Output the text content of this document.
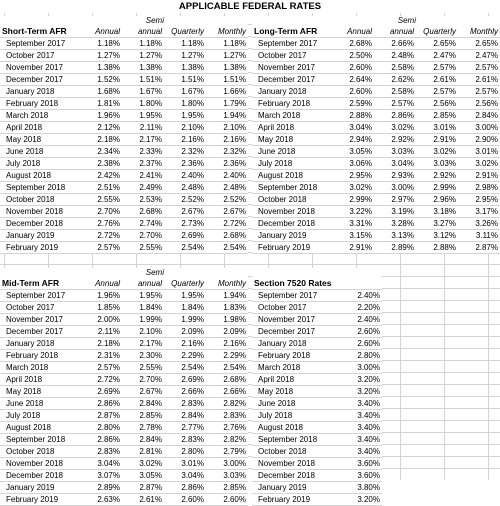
APPLICABLE FEDERAL RATES
Semi
Short-Term AFR	Annual	annual	Quarterly	Monthly
September 2017	1.18%	1.18%	1.18%	1.18%
October 2017	1.27%	1.27%	1.27%	1.27%
November 2017	1.38%	1.38%	1.38%	1.38%
December 2017	1.52%	1.51%	1.51%	1.51%
January 2018	1.68%	1.67%	1.67%	1.66%
February 2018	1.81%	1.80%	1.80%	1.79%
March 2018	1.96%	1.95%	1.95%	1.94%
April 2018	2.12%	2.11%	2.10%	2.10%
May 2018	2.18%	2.17%	2.16%	2.16%
June 2018	2.34%	2.33%	2.32%	2.32%
July 2018	2.38%	2.37%	2.36%	2.36%
August 2018	2.42%	2.41%	2.40%	2.40%
September 2018	2.51%	2.49%	2.48%	2.48%
October 2018	2.55%	2.53%	2.52%	2.52%
November 2018	2.70%	2.68%	2.67%	2.67%
December 2018	2.76%	2.74%	2.73%	2.72%
January 2019	2.72%	2.70%	2.69%	2.68%
February 2019	2.57%	2.55%	2.54%	2.54%
Semi
Long-Term AFR	Annual	annual	Quarterly	Monthly
September 2017	2.68%	2.66%	2.65%	2.65%
October 2017	2.50%	2.48%	2.47%	2.47%
November 2017	2.60%	2.58%	2.57%	2.57%
December 2017	2.64%	2.62%	2.61%	2.61%
January 2018	2.60%	2.58%	2.57%	2.57%
February 2018	2.59%	2.57%	2.56%	2.56%
March 2018	2.88%	2.86%	2.85%	2.84%
April 2018	3.04%	3.02%	3.01%	3.00%
May 2018	2.94%	2.92%	2.91%	2.90%
June 2018	3.05%	3.03%	3.02%	3.01%
July 2018	3.06%	3.04%	3.03%	3.02%
August 2018	2.95%	2.93%	2.92%	2.91%
September 2018	3.02%	3.00%	2.99%	2.98%
October 2018	2.99%	2.97%	2.96%	2.95%
November 2018	3.22%	3.19%	3.18%	3.17%
December 2018	3.31%	3.28%	3.27%	3.26%
January 2019	3.15%	3.13%	3.12%	3.11%
February 2019	2.91%	2.89%	2.88%	2.87%
Semi
Mid-Term AFR	Annual	annual	Quarterly	Monthly
September 2017	1.96%	1.95%	1.95%	1.94%
October 2017	1.85%	1.84%	1.84%	1.83%
November 2017	2.00%	1.99%	1.99%	1.98%
December 2017	2.11%	2.10%	2.09%	2.09%
January 2018	2.18%	2.17%	2.16%	2.16%
February 2018	2.31%	2.30%	2.29%	2.29%
March 2018	2.57%	2.55%	2.54%	2.54%
April 2018	2.72%	2.70%	2.69%	2.68%
May 2018	2.69%	2.67%	2.66%	2.66%
June 2018	2.86%	2.84%	2.83%	2.82%
July 2018	2.87%	2.85%	2.84%	2.83%
August 2018	2.80%	2.78%	2.77%	2.76%
September 2018	2.86%	2.84%	2.83%	2.82%
October 2018	2.83%	2.81%	2.80%	2.79%
November 2018	3.04%	3.02%	3.01%	3.00%
December 2018	3.07%	3.05%	3.04%	3.03%
January 2019	2.89%	2.87%	2.86%	2.85%
February 2019	2.63%	2.61%	2.60%	2.60%
Section 7520 Rates	
September 2017	2.40%
October 2017	2.20%
November 2017	2.40%
December 2017	2.60%
January 2018	2.60%
February 2018	2.80%
March 2018	3.00%
April 2018	3.20%
May 2018	3.20%
June 2018	3.40%
July 2018	3.40%
August 2018	3.40%
September 2018	3.40%
October 2018	3.40%
November 2018	3.60%
December 2018	3.60%
January 2019	3.80%
February 2019	3.20%
